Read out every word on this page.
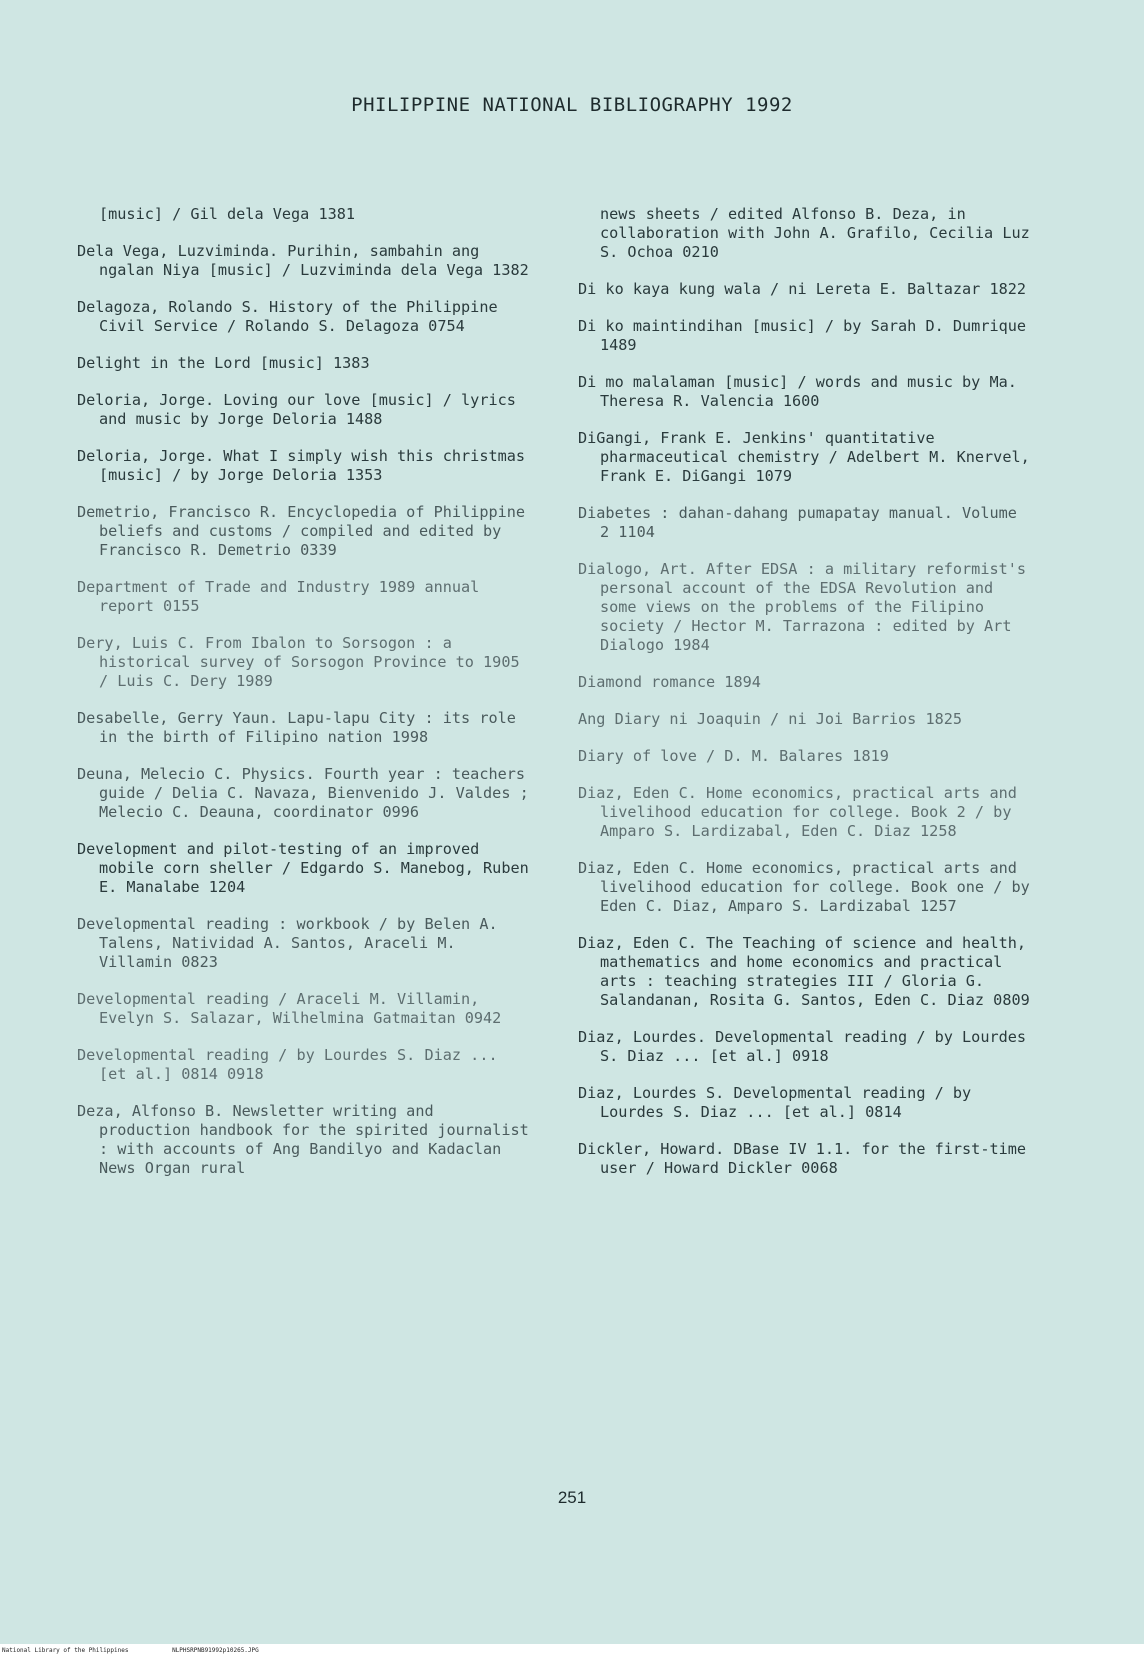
PHILIPPINE NATIONAL BIBLIOGRAPHY 1992

[music] / Gil dela Vega 1381

Dela Vega, Luzviminda. Purihin, sambahin ang ngalan Niya [music] / Luzviminda dela Vega 1382

Delagoza, Rolando S. History of the Philippine Civil Service / Rolando S. Delagoza 0754

Delight in the Lord [music] 1383

Deloria, Jorge. Loving our love [music] / lyrics and music by Jorge Deloria 1488

Deloria, Jorge. What I simply wish this christmas [music] / by Jorge Deloria 1353

Demetrio, Francisco R. Encyclopedia of Philippine beliefs and customs / compiled and edited by Francisco R. Demetrio 0339

Department of Trade and Industry 1989 annual report 0155

Dery, Luis C. From Ibalon to Sorsogon : a historical survey of Sorsogon Province to 1905 / Luis C. Dery 1989

Desabelle, Gerry Yaun. Lapu-lapu City : its role in the birth of Filipino nation 1998

Deuna, Melecio C. Physics. Fourth year : teachers guide / Delia C. Navaza, Bienvenido J. Valdes ; Melecio C. Deauna, coordinator 0996

Development and pilot-testing of an improved mobile corn sheller / Edgardo S. Manebog, Ruben E. Manalabe 1204

Developmental reading : workbook / by Belen A. Talens, Natividad A. Santos, Araceli M. Villamin 0823

Developmental reading / Araceli M. Villamin, Evelyn S. Salazar, Wilhelmina Gatmaitan 0942

Developmental reading / by Lourdes S. Diaz ... [et al.] 0814 0918

Deza, Alfonso B. Newsletter writing and production handbook for the spirited journalist : with accounts of Ang Bandilyo and Kadaclan News Organ rural

news sheets / edited Alfonso B. Deza, in collaboration with John A. Grafilo, Cecilia Luz S. Ochoa 0210

Di ko kaya kung wala / ni Lereta E. Baltazar 1822

Di ko maintindihan [music] / by Sarah D. Dumrique 1489

Di mo malalaman [music] / words and music by Ma. Theresa R. Valencia 1600

DiGangi, Frank E. Jenkins' quantitative pharmaceutical chemistry / Adelbert M. Knervel, Frank E. DiGangi 1079

Diabetes : dahan-dahang pumapatay manual. Volume 2 1104

Dialogo, Art. After EDSA : a military reformist's personal account of the EDSA Revolution and some views on the problems of the Filipino society / Hector M. Tarrazona : edited by Art Dialogo 1984

Diamond romance 1894

Ang Diary ni Joaquin / ni Joi Barrios 1825

Diary of love / D. M. Balares 1819

Diaz, Eden C. Home economics, practical arts and livelihood education for college. Book 2 / by Amparo S. Lardizabal, Eden C. Diaz 1258

Diaz, Eden C. Home economics, practical arts and livelihood education for college. Book one / by Eden C. Diaz, Amparo S. Lardizabal 1257

Diaz, Eden C. The Teaching of science and health, mathematics and home economics and practical arts : teaching strategies III / Gloria G. Salandanan, Rosita G. Santos, Eden C. Diaz 0809

Diaz, Lourdes. Developmental reading / by Lourdes S. Diaz ... [et al.] 0918

Diaz, Lourdes S. Developmental reading / by Lourdes S. Diaz ... [et al.] 0814

Dickler, Howard. DBase IV 1.1. for the first-time user / Howard Dickler 0068

251
National Library of the Philippines	NLPHSRPNB91992p10265.JPG
